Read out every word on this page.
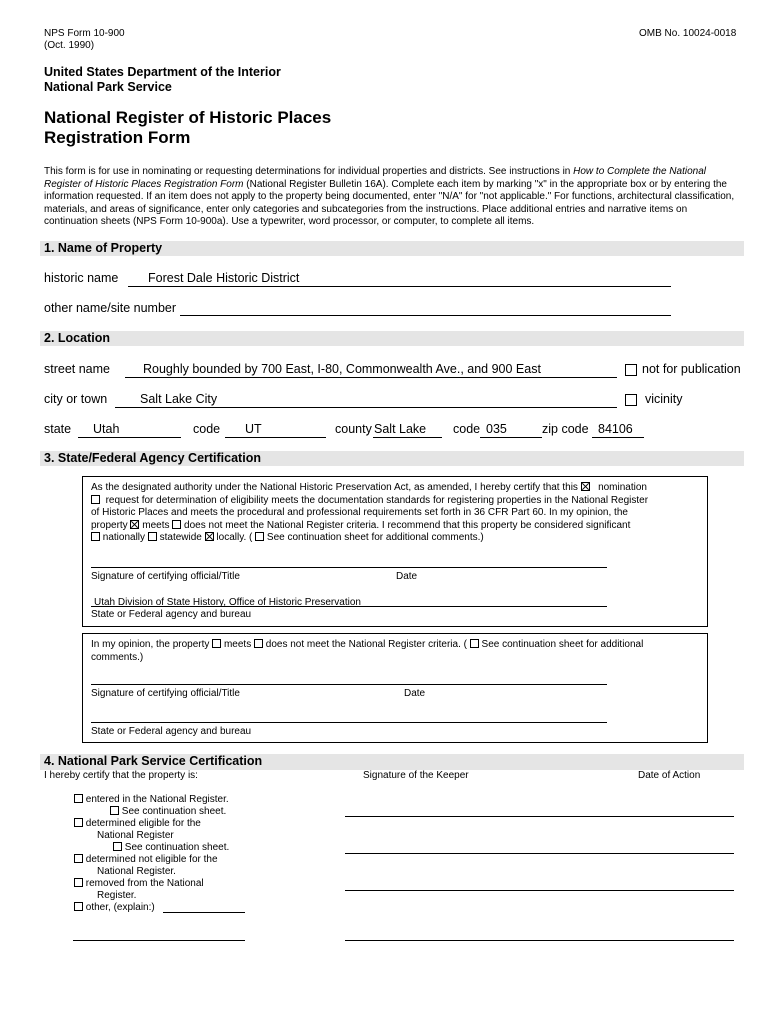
NPS Form 10-900
(Oct. 1990)
OMB No. 10024-0018
United States Department of the Interior
National Park Service
National Register of Historic Places
Registration Form
This form is for use in nominating or requesting determinations for individual properties and districts. See instructions in How to Complete the National
Register of Historic Places Registration Form (National Register Bulletin 16A). Complete each item by marking "x" in the appropriate box or by entering the
information requested. If an item does not apply to the property being documented, enter "N/A" for "not applicable." For functions, architectural classification,
materials, and areas of significance, enter only categories and subcategories from the instructions. Place additional entries and narrative items on
continuation sheets (NPS Form 10-900a). Use a typewriter, word processor, or computer, to complete all items.
1. Name of Property
historic name Forest Dale Historic District
other name/site number
2. Location
street name	Roughly bounded by 700 East, I-80, Commonwealth Ave., and 900 East	not for publication
city or town	Salt Lake City	vicinity
state Utah	code UT	county Salt Lake code 035	zip code 84106
3. State/Federal Agency Certification
As the designated authority under the National Historic Preservation Act, as amended, I hereby certify that this nomination
request for determination of eligibility meets the documentation standards for registering properties in the National Register
of Historic Places and meets the procedural and professional requirements set forth in 36 CFR Part 60. In my opinion, the
property meets does not meet the National Register criteria. I recommend that this property be considered significant
nationally statewide locally. ( See continuation sheet for additional comments.)
Signature of certifying official/Title	Date
Utah Division of State History, Office of Historic Preservation
State or Federal agency and bureau
In my opinion, the property meets does not meet the National Register criteria. ( See continuation sheet for additional
comments.)
Signature of certifying official/Title	Date
State or Federal agency and bureau
4. National Park Service Certification
I hereby certify that the property is:	Signature of the Keeper	Date of Action
entered in the National Register.
See continuation sheet.
determined eligible for the
National Register
See continuation sheet.
determined not eligible for the
National Register.
removed from the National
Register.
other, (explain:)
